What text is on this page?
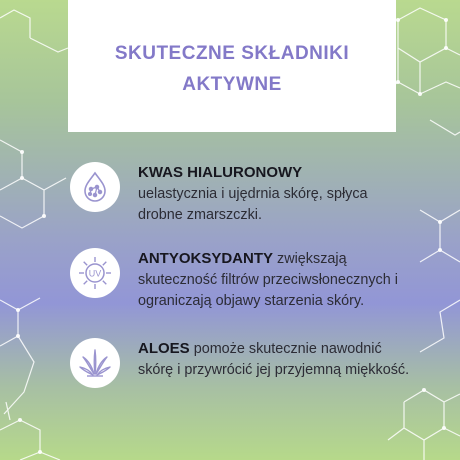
SKUTECZNE SKŁADNIKI
AKTYWNE
KWAS HIALURONOWY
uelastycznia i ujędrnia skórę, spłyca drobne zmarszczki.
UV
ANTYOKSYDANTY zwiększają skuteczność filtrów przeciwsłonecznych i ograniczają objawy starzenia skóry.
ALOES pomoże skutecznie nawodnić skórę i przywrócić jej przyjemną miękkość.
